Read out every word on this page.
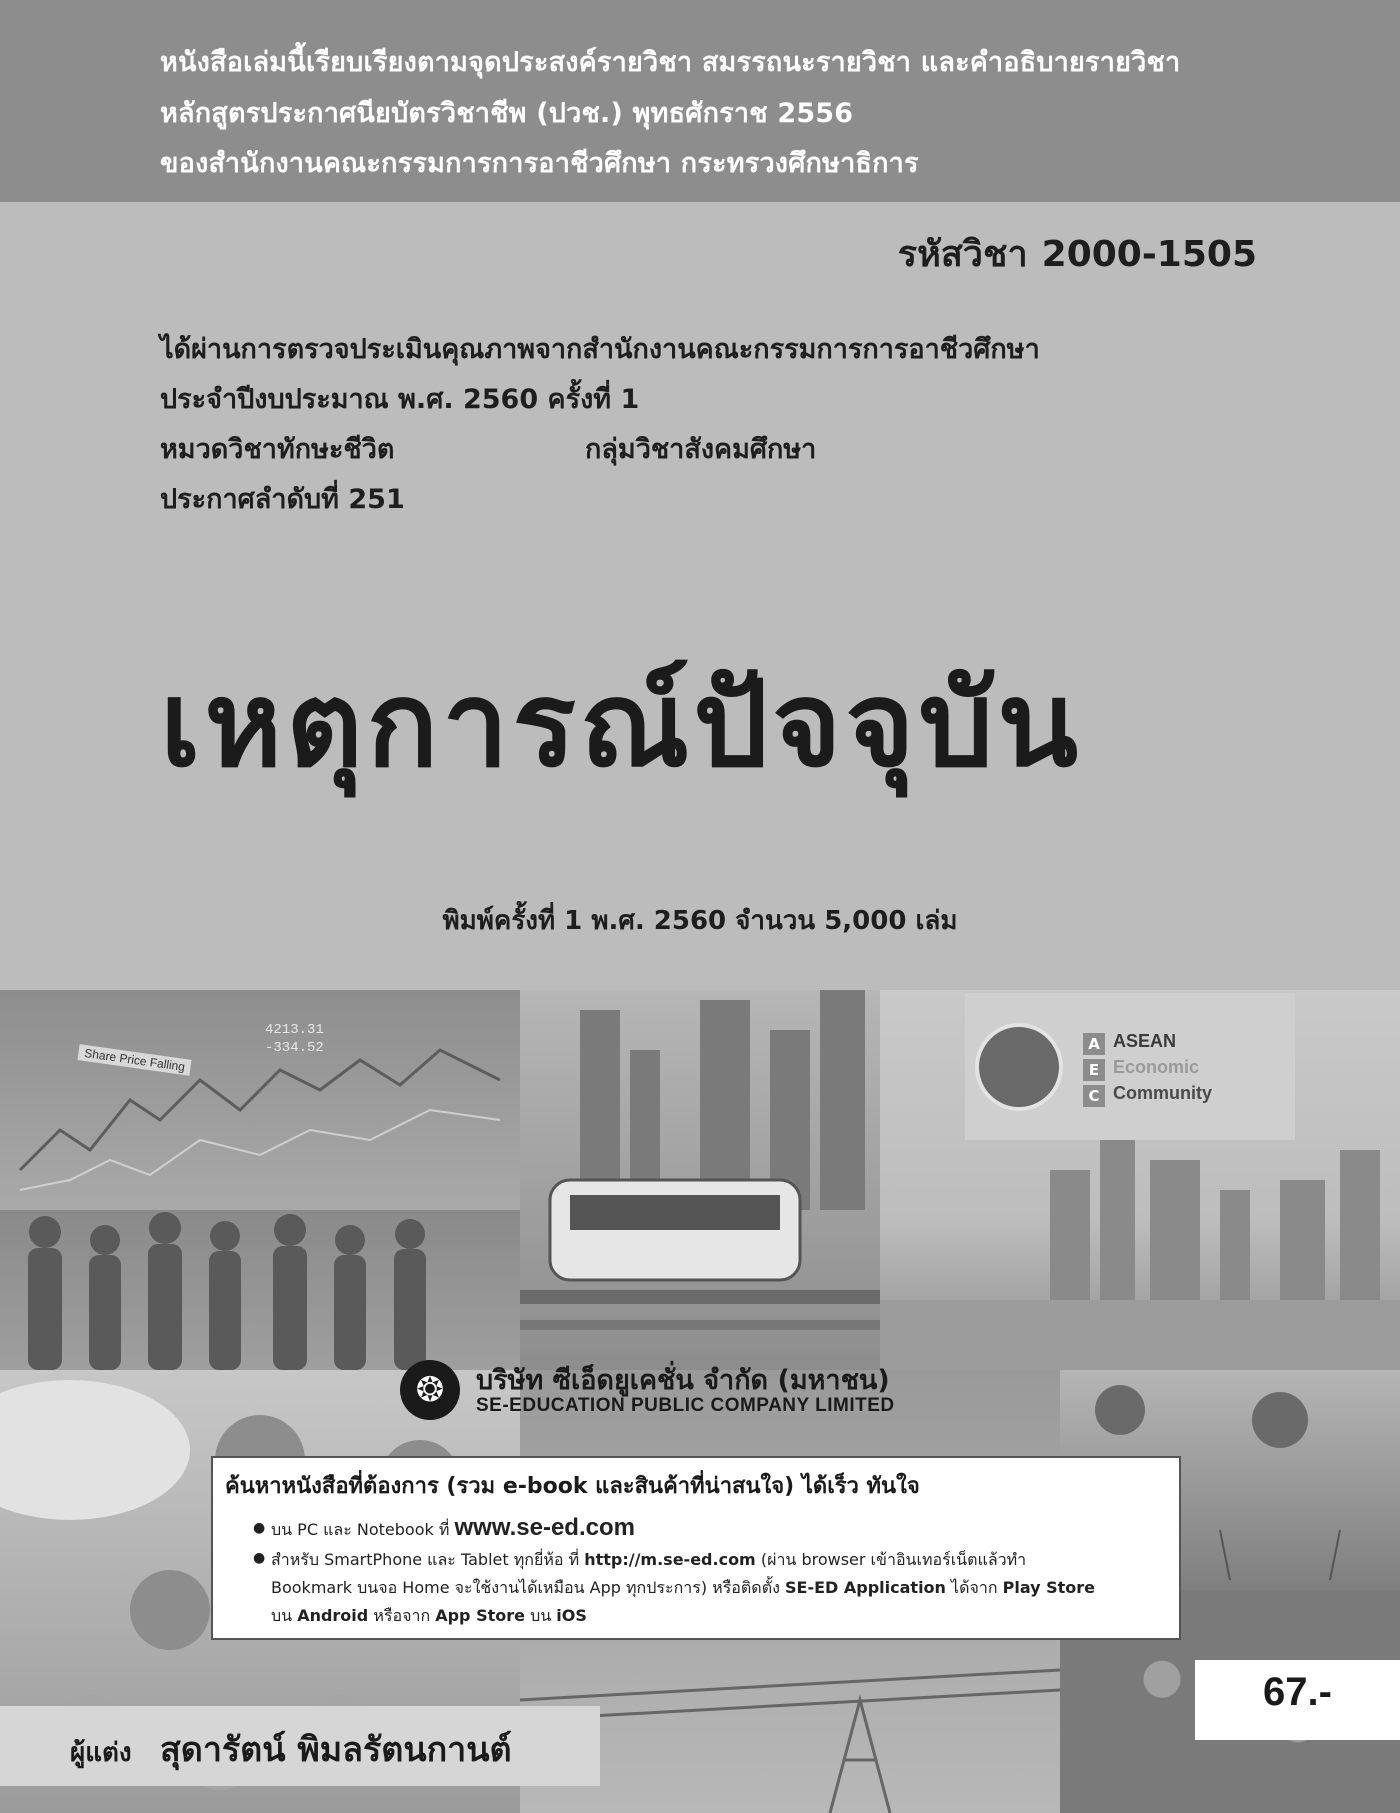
หนังสือเล่มนี้เรียบเรียงตามจุดประสงค์รายวิชา สมรรถนะรายวิชา และคำอธิบายรายวิชา
หลักสูตรประกาศนียบัตรวิชาชีพ (ปวช.) พุทธศักราช 2556
ของสำนักงานคณะกรรมการการอาชีวศึกษา กระทรวงศึกษาธิการ
รหัสวิชา 2000-1505
ได้ผ่านการตรวจประเมินคุณภาพจากสำนักงานคณะกรรมการการอาชีวศึกษา
ประจำปีงบประมาณ พ.ศ. 2560 ครั้งที่ 1
หมวดวิชาทักษะชีวิต	กลุ่มวิชาสังคมศึกษา
ประกาศลำดับที่ 251
เหตุการณ์ปัจจุบัน
พิมพ์ครั้งที่ 1 พ.ศ. 2560 จำนวน 5,000 เล่ม
4213.31
-334.52
Share Price Falling
A
E
C
ASEAN
Economic
Community
❂	บริษัท ซีเอ็ดยูเคชั่น จำกัด (มหาชน)
SE-EDUCATION PUBLIC COMPANY LIMITED
ค้นหาหนังสือที่ต้องการ (รวม e-book และสินค้าที่น่าสนใจ) ได้เร็ว ทันใจ
● บน PC และ Notebook ที่ www.se-ed.com
● สำหรับ SmartPhone และ Tablet ทุกยี่ห้อ ที่ http://m.se-ed.com (ผ่าน browser เข้าอินเทอร์เน็ตแล้วทำ
Bookmark บนจอ Home จะใช้งานได้เหมือน App ทุกประการ) หรือติดตั้ง SE-ED Application ได้จาก Play Store
บน Android หรือจาก App Store บน iOS
67.-
ผู้แต่ง สุดารัตน์ พิมลรัตนกานต์
